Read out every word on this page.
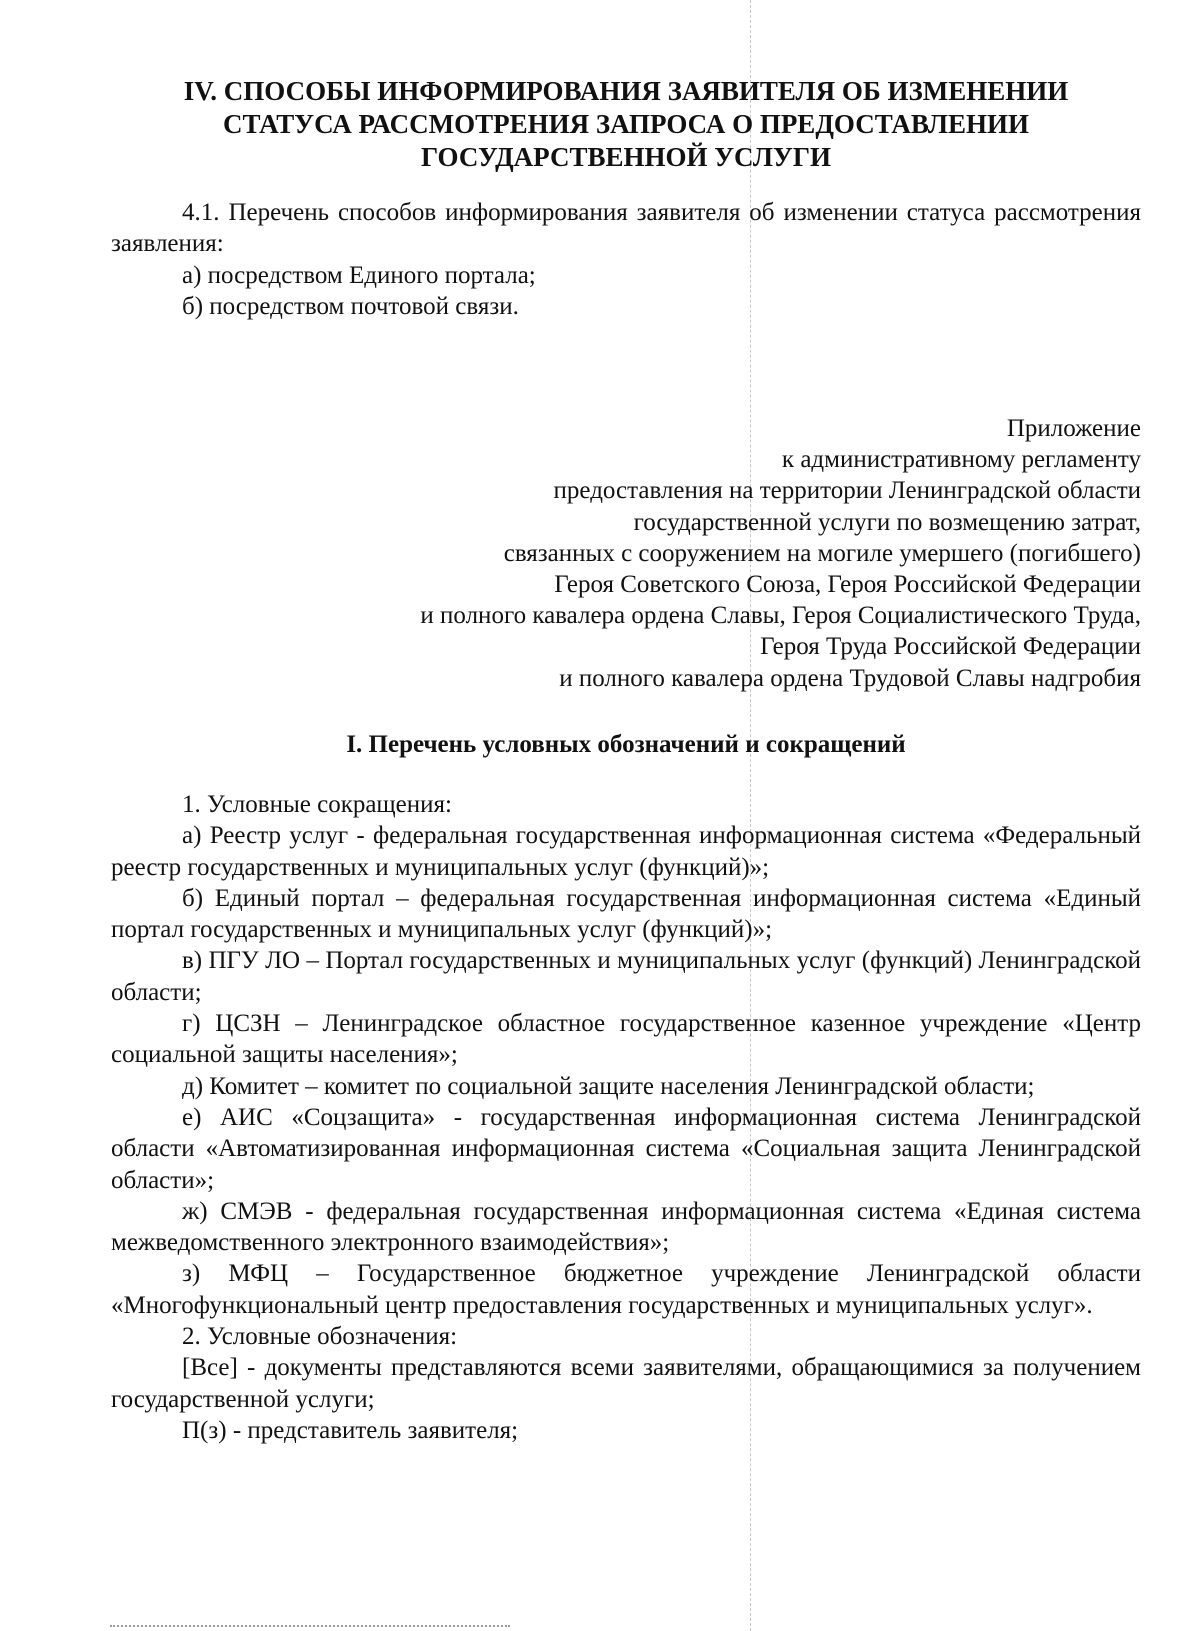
IV. СПОСОБЫ ИНФОРМИРОВАНИЯ ЗАЯВИТЕЛЯ ОБ ИЗМЕНЕНИИ
СТАТУСА РАССМОТРЕНИЯ ЗАПРОСА О ПРЕДОСТАВЛЕНИИ
ГОСУДАРСТВЕННОЙ УСЛУГИ

4.1. Перечень способов информирования заявителя об изменении статуса рассмотрения заявления:

а) посредством Единого портала;

б) посредством почтовой связи.

Приложение
к административному регламенту
предоставления на территории Ленинградской области
государственной услуги по возмещению затрат,
связанных с сооружением на могиле умершего (погибшего)
Героя Советского Союза, Героя Российской Федерации
и полного кавалера ордена Славы, Героя Социалистического Труда,
Героя Труда Российской Федерации
и полного кавалера ордена Трудовой Славы надгробия
I. Перечень условных обозначений и сокращений

1. Условные сокращения:

а) Реестр услуг - федеральная государственная информационная система «Федеральный реестр государственных и муниципальных услуг (функций)»;

б) Единый портал – федеральная государственная информационная система «Единый портал государственных и муниципальных услуг (функций)»;

в) ПГУ ЛО – Портал государственных и муниципальных услуг (функций) Ленинградской области;

г) ЦСЗН – Ленинградское областное государственное казенное учреждение «Центр социальной защиты населения»;

д) Комитет – комитет по социальной защите населения Ленинградской области;

е) АИС «Соцзащита» - государственная информационная система Ленинградской области «Автоматизированная информационная система «Социальная защита Ленинградской области»;

ж) СМЭВ - федеральная государственная информационная система «Единая система межведомственного электронного взаимодействия»;

з) МФЦ – Государственное бюджетное учреждение Ленинградской области «Многофункциональный центр предоставления государственных и муниципальных услуг».

2. Условные обозначения:

[Все] - документы представляются всеми заявителями, обращающимися за получением государственной услуги;

П(з) - представитель заявителя;
